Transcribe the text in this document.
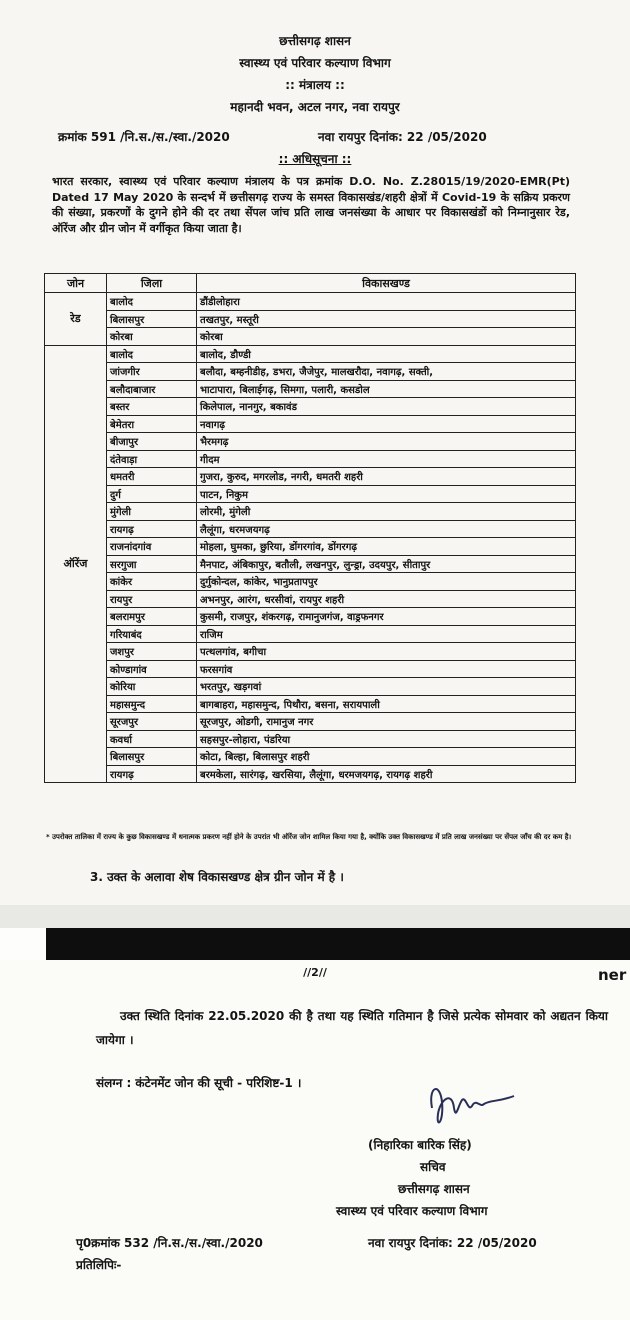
छत्तीसगढ़ शासन
स्वास्थ्य एवं परिवार कल्याण विभाग
:: मंत्रालय ::
महानदी भवन, अटल नगर, नवा रायपुर
क्रमांक 591 /नि.स./स./स्वा./2020	नवा रायपुर दिनांक: 22 /05/2020
:: अधिसूचना ::
भारत सरकार, स्वास्थ्य एवं परिवार कल्याण मंत्रालय के पत्र क्रमांक D.O. No. Z.28015/19/2020-EMR(Pt) Dated 17 May 2020 के सन्दर्भ में छत्तीसगढ़ राज्य के समस्त विकासखंड/शहरी क्षेत्रों में Covid-19 के सक्रिय प्रकरण की संख्या, प्रकरणों के दुगने होने की दर तथा सेंपल जांच प्रति लाख जनसंख्या के आधार पर विकासखंडों को निम्नानुसार रेड, ऑरेंज और ग्रीन जोन में वर्गीकृत किया जाता है।
जोन	जिला	विकासखण्ड
रेड	बालोद	डौंडीलोहारा
	बिलासपुर	तखतपुर, मस्तूरी
	कोरबा	कोरबा
ऑरेंज	बालोद	बालोद, डौण्डी
	जांजगीर	बलौदा, बम्हनीडीह, डभरा, जैजेपुर, मालखरौदा, नवागढ़, सक्ती,
	बलौदाबाजार	भाटापारा, बिलाईगढ़, सिमगा, पलारी, कसडोल
	बस्तर	किलेपाल, नानगुर, बकावंड
	बेमेतरा	नवागढ़
	बीजापुर	भैरमगढ़
	दंतेवाड़ा	गीदम
	धमतरी	गुजरा, कुरुद, मगरलोड, नगरी, धमतरी शहरी
	दुर्ग	पाटन, निकुम
	मुंगेली	लोरमी, मुंगेली
	रायगढ़	लैलूंगा, धरमजयगढ़
	राजनांदगांव	मोहला, घुमका, छुरिया, डोंगरगांव, डोंगरगढ़
	सरगुजा	मैनपाट, अंबिकापुर, बतौली, लखनपुर, लुन्ड्रा, उदयपुर, सीतापुर
	कांकेर	दुर्गुकोन्दल, कांकेर, भानुप्रतापपुर
	रायपुर	अभनपुर, आरंग, धरसीवां, रायपुर शहरी
	बलरामपुर	कुसमी, राजपुर, शंकरगढ़, रामानुजगंज, वाड्रफनगर
	गरियाबंद	राजिम
	जशपुर	पत्थलगांव, बगीचा
	कोण्डागांव	फरसगांव
	कोरिया	भरतपुर, खड़गवां
	महासमुन्द	बागबाहरा, महासमुन्द, पिथौरा, बसना, सरायपाली
	सूरजपुर	सूरजपुर, ओडगी, रामानुज नगर
	कवर्धा	सहसपुर-लोहारा, पंडरिया
	बिलासपुर	कोटा, बिल्हा, बिलासपुर शहरी
	रायगढ़	बरमकेला, सारंगढ़, खरसिया, लैलूंगा, धरमजयगढ़, रायगढ़ शहरी
* उपरोक्त तालिका में राज्य के कुछ विकासखण्ड में धनात्मक प्रकरण नहीं होने के उपरांत भी ऑरेंज जोन शामिल किया गया है, क्योंकि उक्त विकासखण्ड में प्रति लाख जनसंख्या पर सेंपल जाँच की दर कम है।
3. उक्त के अलावा शेष विकासखण्ड क्षेत्र ग्रीन जोन में है ।
//2//	ner
उक्त स्थिति दिनांक 22.05.2020 की है तथा यह स्थिति गतिमान है जिसे प्रत्येक सोमवार को अद्यतन किया जायेगा ।
संलग्न : कंटेनमेंट जोन की सूची - परिशिष्ट-1 ।
(निहारिका बारिक सिंह)
सचिव
छत्तीसगढ़ शासन
स्वास्थ्य एवं परिवार कल्याण विभाग
पृ0क्रमांक 532 /नि.स./स./स्वा./2020	नवा रायपुर दिनांक: 22 /05/2020
प्रतिलिपिः-
